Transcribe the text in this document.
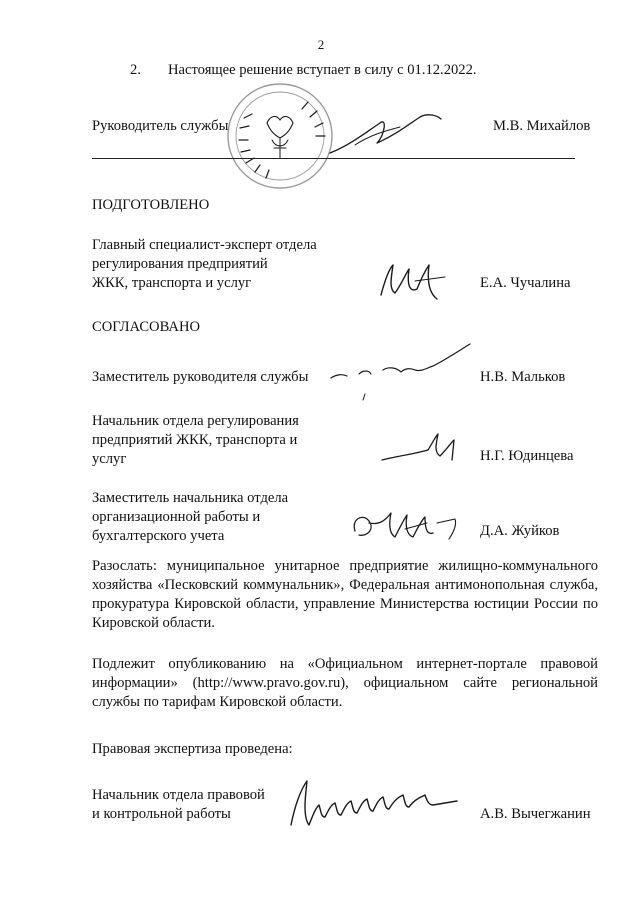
2
2. Настоящее решение вступает в силу с 01.12.2022.
Руководитель службы	М.В. Михайлов
ПОДГОТОВЛЕНО
Главный специалист-эксперт отдела
регулирования предприятий
ЖКК, транспорта и услуг	Е.А. Чучалина
СОГЛАСОВАНО
Заместитель руководителя службы	Н.В. Мальков
Начальник отдела регулирования
предприятий ЖКК, транспорта и
услуг	Н.Г. Юдинцева
Заместитель начальника отдела
организационной работы и
бухгалтерского учета	Д.А. Жуйков
Разослать: муниципальное унитарное предприятие жилищно-коммунального хозяйства «Песковский коммунальник», Федеральная антимонопольная служба, прокуратура Кировской области, управление Министерства юстиции России по Кировской области.
Подлежит опубликованию на «Официальном интернет-портале правовой информации» (http://www.pravo.gov.ru), официальном сайте региональной службы по тарифам Кировской области.
Правовая экспертиза проведена:
Начальник отдела правовой
и контрольной работы	А.В. Вычегжанин
